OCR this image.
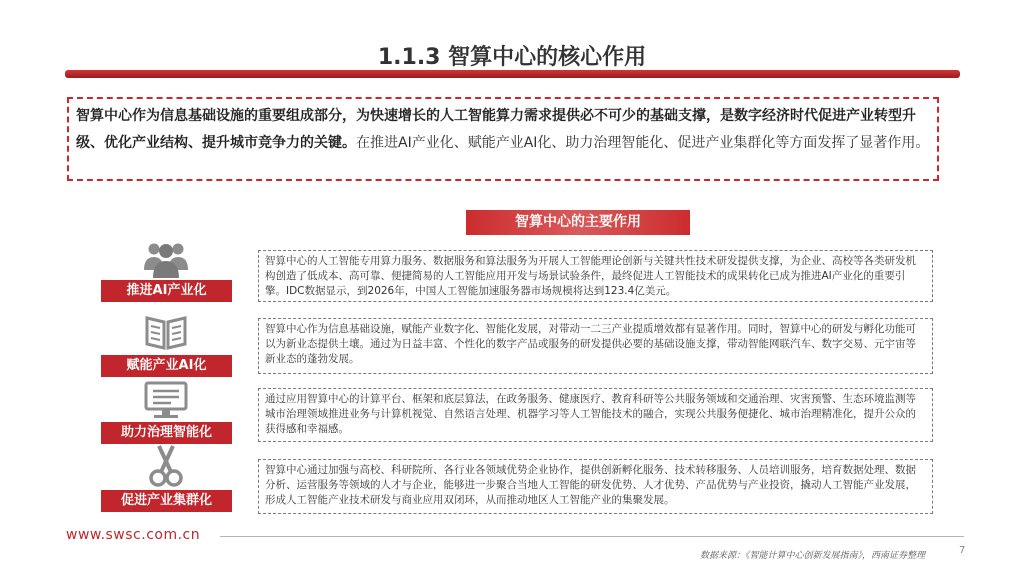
1.1.3 智算中心的核心作用
智算中心作为信息基础设施的重要组成部分，为快速增长的人工智能算力需求提供必不可少的基础支撑，是数字经济时代促进产业转型升级、优化产业结构、提升城市竞争力的关键。在推进AI产业化、赋能产业AI化、助力治理智能化、促进产业集群化等方面发挥了显著作用。
智算中心的主要作用
推进AI产业化
智算中心的人工智能专用算力服务、数据服务和算法服务为开展人工智能理论创新与关键共性技术研发提供支撑，为企业、高校等各类研发机构创造了低成本、高可靠、便捷简易的人工智能应用开发与场景试验条件，最终促进人工智能技术的成果转化已成为推进AI产业化的重要引擎。IDC数据显示，到2026年，中国人工智能加速服务器市场规模将达到123.4亿美元。
赋能产业AI化
智算中心作为信息基础设施，赋能产业数字化、智能化发展，对带动一二三产业提质增效都有显著作用。同时，智算中心的研发与孵化功能可以为新业态提供土壤。通过为日益丰富、个性化的数字产品或服务的研发提供必要的基础设施支撑，带动智能网联汽车、数字交易、元宇宙等新业态的蓬勃发展。
助力治理智能化
通过应用智算中心的计算平台、框架和底层算法，在政务服务、健康医疗、教育科研等公共服务领域和交通治理、灾害预警、生态环境监测等城市治理领域推进业务与计算机视觉、自然语言处理、机器学习等人工智能技术的融合，实现公共服务便捷化、城市治理精准化，提升公众的获得感和幸福感。
促进产业集群化
智算中心通过加强与高校、科研院所、各行业各领域优势企业协作，提供创新孵化服务、技术转移服务、人员培训服务，培育数据处理、数据分析、运营服务等领域的人才与企业，能够进一步聚合当地人工智能的研发优势、人才优势、产品优势与产业投资，撬动人工智能产业发展，形成人工智能产业技术研发与商业应用双闭环，从而推动地区人工智能产业的集聚发展。
www.swsc.com.cn
数据来源：《智能计算中心创新发展指南》，西南证券整理	7
